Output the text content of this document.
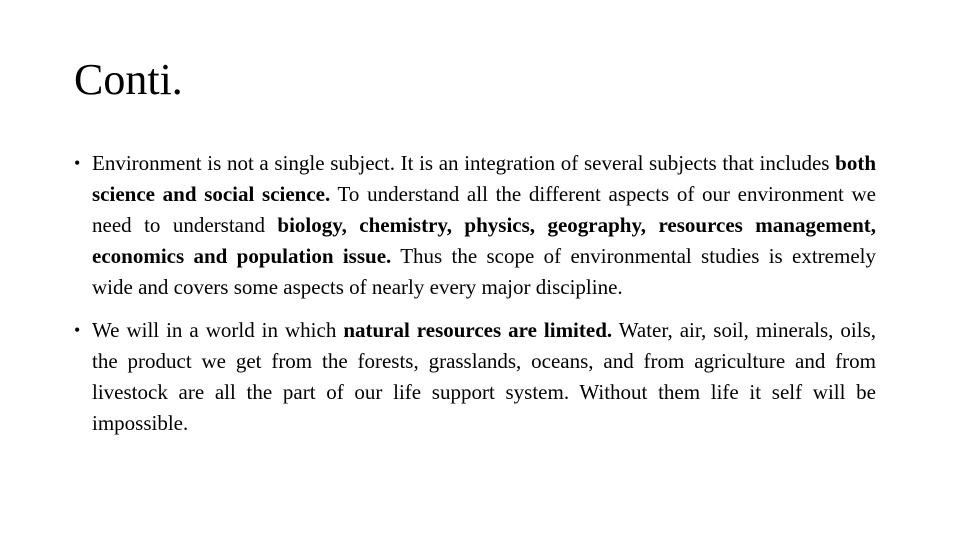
Conti.
• Environment is not a single subject. It is an integration of several subjects that includes both science and social science. To understand all the different aspects of our environment we need to understand biology, chemistry, physics, geography, resources management, economics and population issue. Thus the scope of environmental studies is extremely wide and covers some aspects of nearly every major discipline.
• We will in a world in which natural resources are limited. Water, air, soil, minerals, oils, the product we get from the forests, grasslands, oceans, and from agriculture and from livestock are all the part of our life support system. Without them life it self will be impossible.
